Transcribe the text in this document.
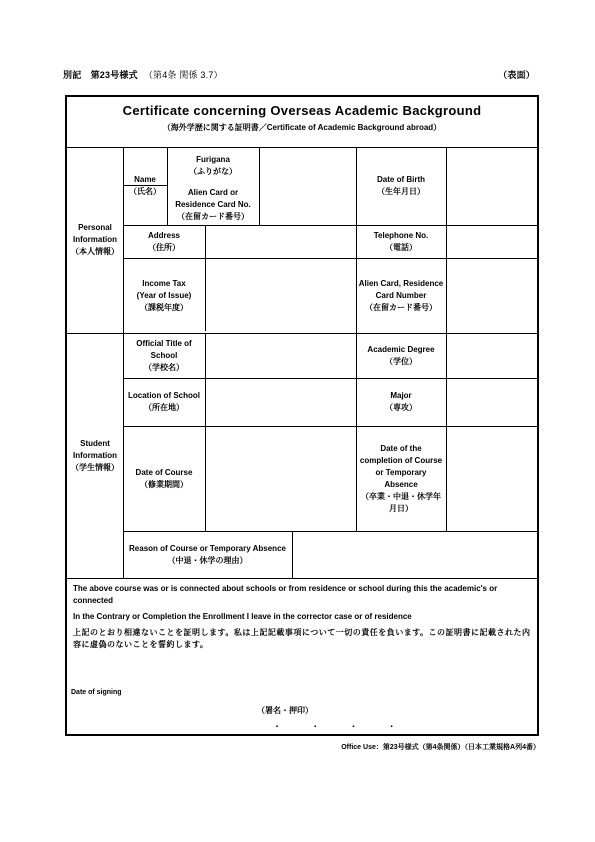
別記　第23号様式 （第4条 関係 3.7）	（表面）
Certificate concerning Overseas Academic Background
（海外学歴に関する証明書／Certificate of Academic Background abroad）
Personal Information
（本人情報）
Name
（氏名）
Furigana
（ふりがな）
Alien Card or Residence Card No.
（在留カード番号）
Date of Birth
（生年月日）
Address
（住所）
Telephone No.
（電話）
Income Tax
(Year of Issue)
（課税年度）
Alien Card, Residence Card Number
（在留カード番号）
Student Information
（学生情報）
Official Title of School
（学校名）
Academic Degree
（学位）
Location of School
（所在地）
Major
（専攻）
Date of Course
（修業期間）
Date of the completion of Course or Temporary Absence
（卒業・中退・休学年月日）
Reason of Course or Temporary Absence
（中退・休学の理由）

The above course was or is connected about schools or from residence or school during this the academic's or connected

In the Contrary or Completion the Enrollment I leave in the corrector case or of residence

上記のとおり相違ないことを証明します。私は上記記載事項について一切の責任を負います。この証明書に記載された内容に虚偽のないことを誓約します。

Date of signing
（署名・押印）
・ ・ ・ ・
Office Use：第23号様式（第4条関係）（日本工業規格A列4番）
